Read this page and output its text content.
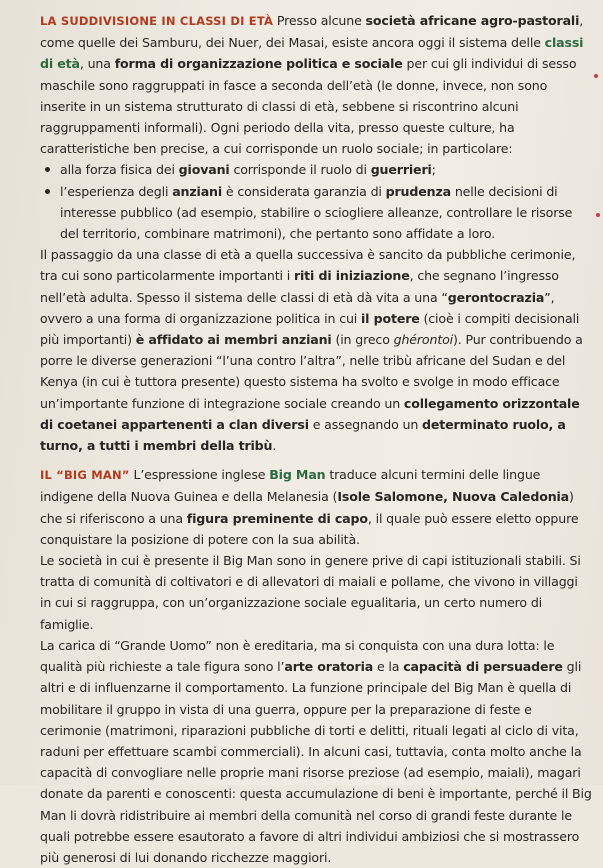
LA SUDDIVISIONE IN CLASSI DI ETÀ Presso alcune società africane agro-pastorali, come quelle dei Samburu, dei Nuer, dei Masai, esiste ancora oggi il sistema delle classi di età, una forma di organizzazione politica e sociale per cui gli individui di sesso maschile sono raggruppati in fasce a seconda dell’età (le donne, invece, non sono inserite in un sistema strutturato di classi di età, sebbene si riscontrino alcuni raggruppamenti informali). Ogni periodo della vita, presso queste culture, ha caratteristiche ben precise, a cui corrisponde un ruolo sociale; in particolare:

alla forza fisica dei giovani corrisponde il ruolo di guerrieri;
l’esperienza degli anziani è considerata garanzia di prudenza nelle decisioni di interesse pubblico (ad esempio, stabilire o sciogliere alleanze, controllare le risorse del territorio, combinare matrimoni), che pertanto sono affidate a loro.

Il passaggio da una classe di età a quella successiva è sancito da pubbliche cerimonie, tra cui sono particolarmente importanti i riti di iniziazione, che segnano l’ingresso nell’età adulta. Spesso il sistema delle classi di età dà vita a una “gerontocrazia”, ovvero a una forma di organizzazione politica in cui il potere (cioè i compiti decisionali più importanti) è affidato ai membri anziani (in greco ghérontoi). Pur contribuendo a porre le diverse generazioni “l’una contro l’altra”, nelle tribù africane del Sudan e del Kenya (in cui è tuttora presente) questo sistema ha svolto e svolge in modo efficace un’importante funzione di integrazione sociale creando un collegamento orizzontale di coetanei appartenenti a clan diversi e assegnando un determinato ruolo, a turno, a tutti i membri della tribù.

IL “BIG MAN” L’espressione inglese Big Man traduce alcuni termini delle lingue indigene della Nuova Guinea e della Melanesia (Isole Salomone, Nuova Caledonia) che si riferiscono a una figura preminente di capo, il quale può essere eletto oppure conquistare la posizione di potere con la sua abilità.

Le società in cui è presente il Big Man sono in genere prive di capi istituzionali stabili. Si tratta di comunità di coltivatori e di allevatori di maiali e pollame, che vivono in villaggi in cui si raggruppa, con un’organizzazione sociale egualitaria, un certo numero di famiglie.

La carica di “Grande Uomo” non è ereditaria, ma si conquista con una dura lotta: le qualità più richieste a tale figura sono l’arte oratoria e la capacità di persuadere gli altri e di influenzarne il comportamento. La funzione principale del Big Man è quella di mobilitare il gruppo in vista di una guerra, oppure per la preparazione di feste e cerimonie (matrimoni, riparazioni pubbliche di torti e delitti, rituali legati al ciclo di vita, raduni per effettuare scambi commerciali). In alcuni casi, tuttavia, conta molto anche la capacità di convogliare nelle proprie mani risorse preziose (ad esempio, maiali), magari donate da parenti e conoscenti: questa accumulazione di beni è importante, perché il Big Man li dovrà ridistribuire ai membri della comunità nel corso di grandi feste durante le quali potrebbe essere esautorato a favore di altri individui ambiziosi che si mostrassero più generosi di lui donando ricchezze maggiori.
